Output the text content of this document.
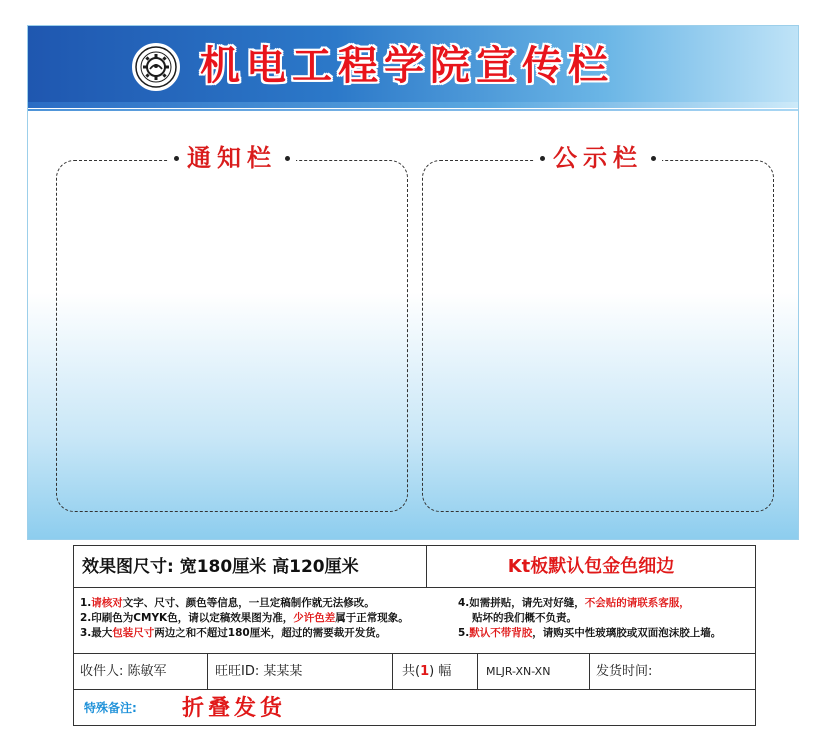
机电工程学院宣传栏
通知栏	公示栏
效果图尺寸: 宽180厘米 高120厘米	Kt板默认包金色细边
1.请核对文字、尺寸、颜色等信息，一旦定稿制作就无法修改。
2.印刷色为CMYK色，请以定稿效果图为准，少许色差属于正常现象。
3.最大包装尺寸两边之和不超过180厘米，超过的需要裁开发货。
4.如需拼贴，请先对好缝，不会贴的请联系客服，
贴坏的我们概不负责。
5.默认不带背胶，请购买中性玻璃胶或双面泡沫胶上墙。
收件人: 陈敏军	旺旺ID: 某某某	共(1) 幅	MLJR-XN-XN	发货时间:
特殊备注: 折叠发货
